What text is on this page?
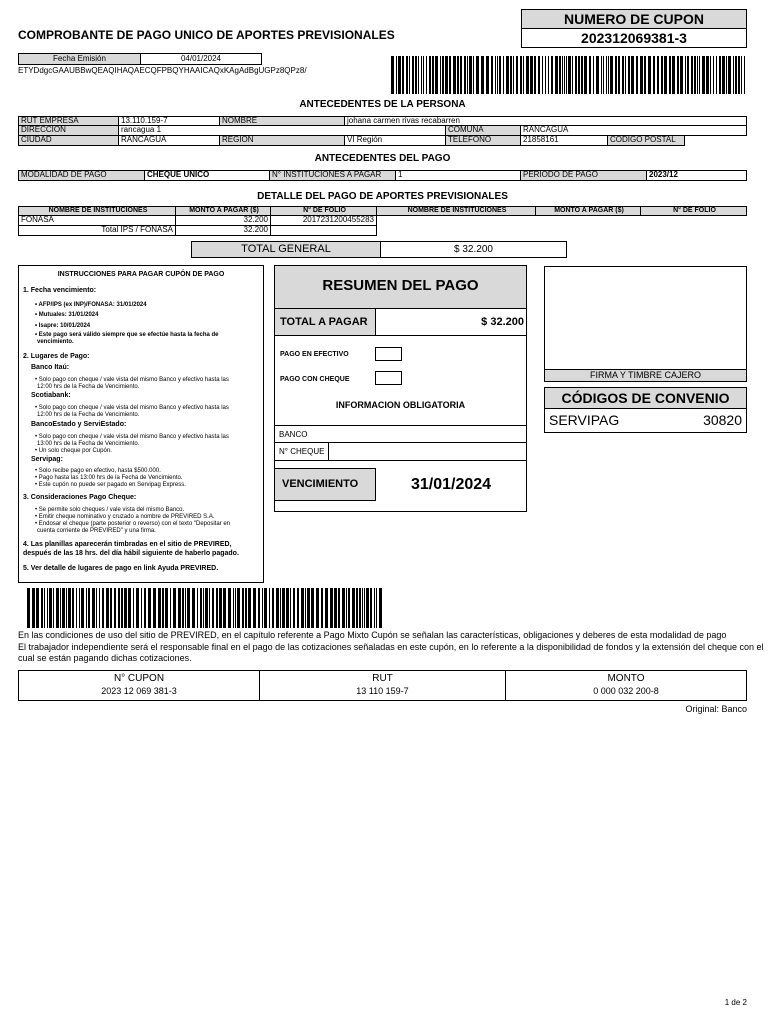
COMPROBANTE DE PAGO UNICO DE APORTES PREVISIONALES
NUMERO DE CUPON
202312069381-3
Fecha Emisión	04/01/2024
ETYDdgcGAAUBBwQEAQIHAQAECQFPBQYHAAICAQxKAgAdBgUGPz8QPz8/
ANTECEDENTES DE LA PERSONA
RUT EMPRESA	13.110.159-7	NOMBRE	johana carmen rivas recabarren
DIRECCION	rancagua 1	COMUNA	RANCAGUA
CIUDAD	RANCAGUA	REGION	VI Región	TELEFONO	21858161	CODIGO POSTAL
ANTECEDENTES DEL PAGO
MODALIDAD DE PAGO	CHEQUE UNICO	N° INSTITUCIONES A PAGAR	1	PERIODO DE PAGO	2023/12
DETALLE DEL PAGO DE APORTES PREVISIONALES
NOMBRE DE INSTITUCIONES	MONTO A PAGAR ($)	N° DE FOLIO	NOMBRE DE INSTITUCIONES	MONTO A PAGAR ($)	N° DE FOLIO
FONASA	32.200	2017231200455283
Total IPS / FONASA	32.200
TOTAL GENERAL	$ 32.200
INSTRUCCIONES PARA PAGAR CUPÓN DE PAGO
1. Fecha vencimiento:
• AFP/IPS (ex INP)/FONASA: 31/01/2024
• Mutuales: 31/01/2024
• Isapre: 10/01/2024
• Este pago será válido siempre que se efectúe hasta la fecha de
vencimiento.
2. Lugares de Pago:
Banco Itaú:
• Solo pago con cheque / vale vista del mismo Banco y efectivo hasta las
12:00 hrs de la Fecha de Vencimiento.
Scotiabank:
• Solo pago con cheque / vale vista del mismo Banco y efectivo hasta las
12:00 hrs de la Fecha de Vencimiento.
BancoEstado y ServiEstado:
• Solo pago con cheque / vale vista del mismo Banco y efectivo hasta las
13:00 hrs de la Fecha de Vencimiento.
• Un solo cheque por Cupón.
Servipag:
• Solo recibe pago en efectivo, hasta $500.000.
• Pago hasta las 13:00 hrs de la Fecha de Vencimiento.
• Este cupón no puede ser pagado en Servipag Express.
3. Consideraciones Pago Cheque:
• Se permite solo cheques / vale vista del mismo Banco.
• Emitir cheque nominativo y cruzado a nombre de PREVIRED S.A.
• Endosar el cheque (parte posterior o reverso) con el texto "Depositar en
cuenta corriente de PREVIRED" y una firma.
4. Las planillas aparecerán timbradas en el sitio de PREVIRED,
después de las 18 hrs. del día hábil siguiente de haberlo pagado.
5. Ver detalle de lugares de pago en link Ayuda PREVIRED.
RESUMEN DEL PAGO
TOTAL A PAGAR	$ 32.200
PAGO EN EFECTIVO
PAGO CON CHEQUE
INFORMACION OBLIGATORIA
BANCO
N° CHEQUE
VENCIMIENTO	31/01/2024
FIRMA Y TIMBRE CAJERO
CÓDIGOS DE CONVENIO
SERVIPAG	30820
En las condiciones de uso del sitio de PREVIRED, en el capítulo referente a Pago Mixto Cupón se señalan las características, obligaciones y deberes de esta modalidad de pago
El trabajador independiente será el responsable final en el pago de las cotizaciones señaladas en este cupón, en lo referente a la disponibilidad de fondos y la extensión del cheque con el
cual se están pagando dichas cotizaciones.
N° CUPON
2023 12 069 381-3
RUT
13 110 159-7
MONTO
0 000 032 200-8
Original: Banco
1 de 2
